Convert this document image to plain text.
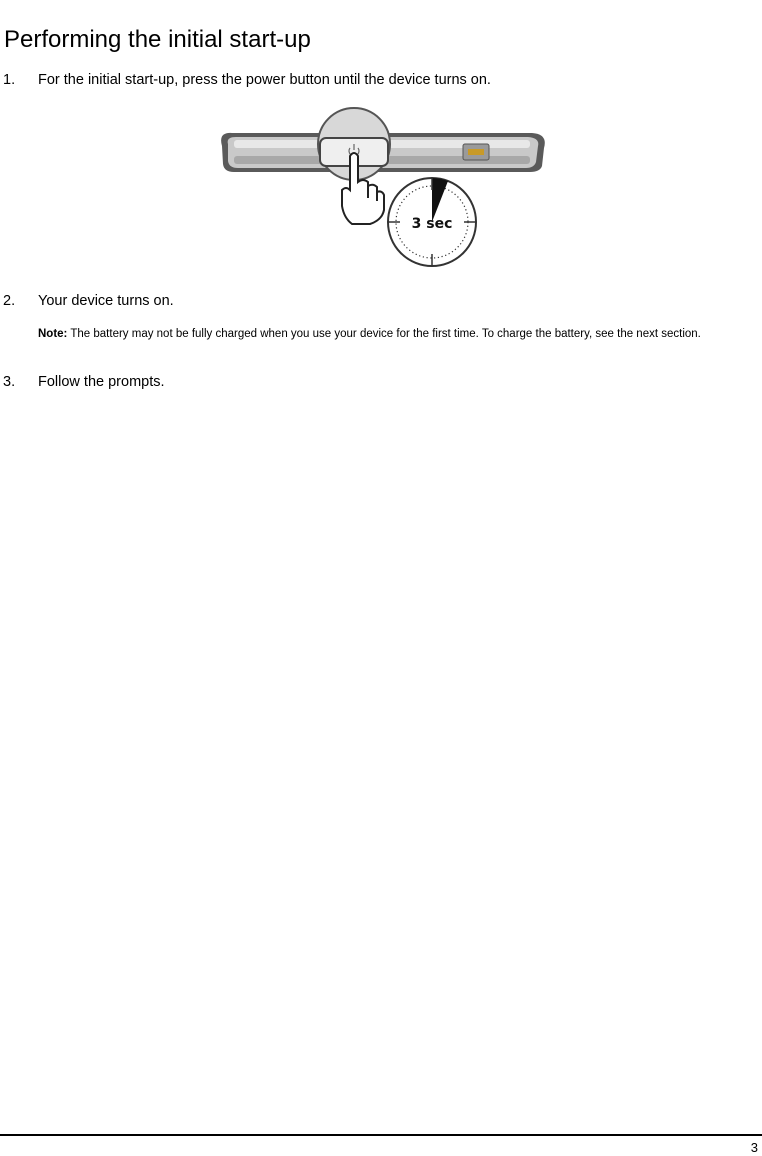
Performing the initial start-up
1. For the initial start-up, press the power button until the device turns on.
3 sec
2. Your device turns on.
Note: The battery may not be fully charged when you use your device for the first time. To charge the battery, see the next section.
3. Follow the prompts.
3
